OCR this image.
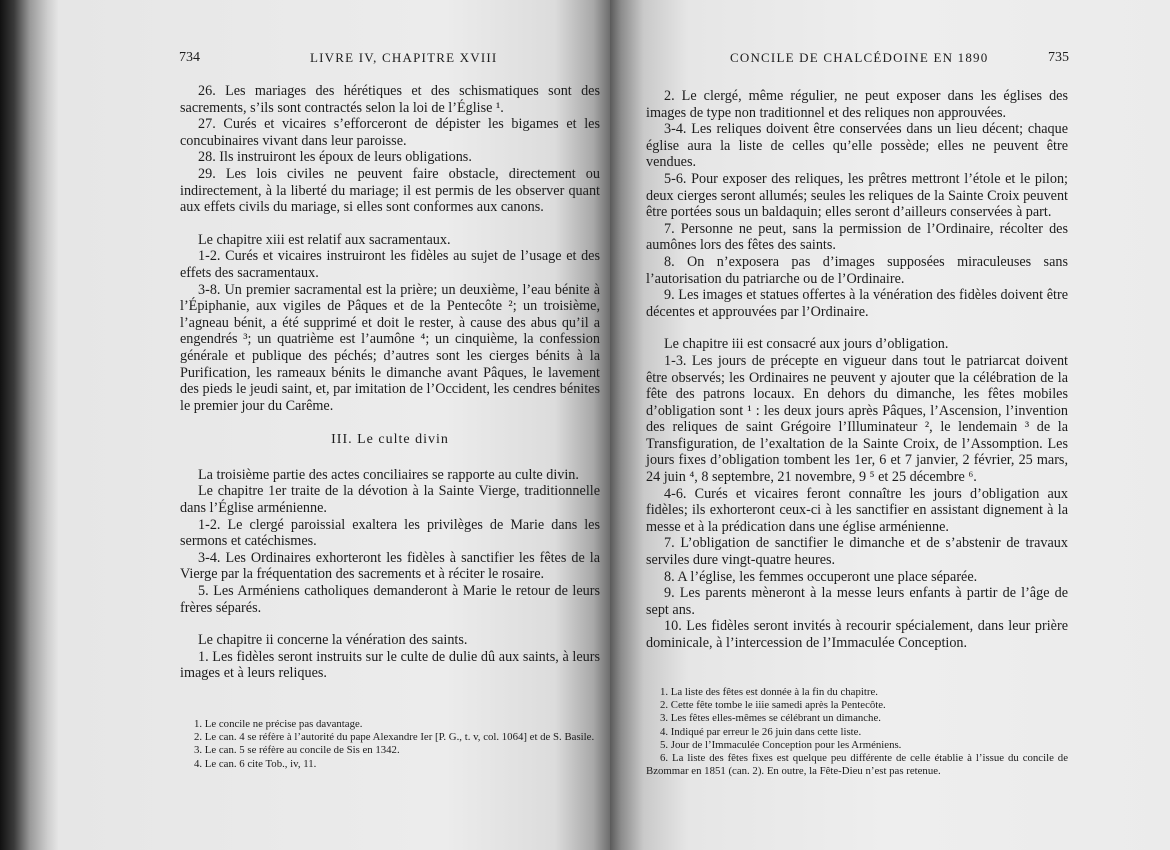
734	LIVRE IV, CHAPITRE XVIII

26. Les mariages des hérétiques et des schismatiques sont des sacrements, s’ils sont contractés selon la loi de l’Église ¹.

27. Curés et vicaires s’efforceront de dépister les bigames et les concubinaires vivant dans leur paroisse.

28. Ils instruiront les époux de leurs obligations.

29. Les lois civiles ne peuvent faire obstacle, directement ou indirectement, à la liberté du mariage; il est permis de les observer quant aux effets civils du mariage, si elles sont conformes aux canons.

Le chapitre xiii est relatif aux sacramentaux.

1-2. Curés et vicaires instruiront les fidèles au sujet de l’usage et des effets des sacramentaux.

3-8. Un premier sacramental est la prière; un deuxième, l’eau bénite à l’Épiphanie, aux vigiles de Pâques et de la Pentecôte ²; un troisième, l’agneau bénit, a été supprimé et doit le rester, à cause des abus qu’il a engendrés ³; un quatrième est l’aumône ⁴; un cinquième, la confession générale et publique des péchés; d’autres sont les cierges bénits à la Purification, les rameaux bénits le dimanche avant Pâques, le lavement des pieds le jeudi saint, et, par imitation de l’Occident, les cendres bénites le premier jour du Carême.

III. Le culte divin

La troisième partie des actes conciliaires se rapporte au culte divin.

Le chapitre 1er traite de la dévotion à la Sainte Vierge, traditionnelle dans l’Église arménienne.

1-2. Le clergé paroissial exaltera les privilèges de Marie dans les sermons et catéchismes.

3-4. Les Ordinaires exhorteront les fidèles à sanctifier les fêtes de la Vierge par la fréquentation des sacrements et à réciter le rosaire.

5. Les Arméniens catholiques demanderont à Marie le retour de leurs frères séparés.

Le chapitre ii concerne la vénération des saints.

1. Les fidèles seront instruits sur le culte de dulie dû aux saints, à leurs images et à leurs reliques.

1. Le concile ne précise pas davantage.

2. Le can. 4 se réfère à l’autorité du pape Alexandre Ier [P. G., t. v, col. 1064] et de S. Basile.

3. Le can. 5 se réfère au concile de Sis en 1342.

4. Le can. 6 cite Tob., iv, 11.

CONCILE DE CHALCÉDOINE EN 1890	735

2. Le clergé, même régulier, ne peut exposer dans les églises des images de type non traditionnel et des reliques non approuvées.

3-4. Les reliques doivent être conservées dans un lieu décent; chaque église aura la liste de celles qu’elle possède; elles ne peuvent être vendues.

5-6. Pour exposer des reliques, les prêtres mettront l’étole et le pilon; deux cierges seront allumés; seules les reliques de la Sainte Croix peuvent être portées sous un baldaquin; elles seront d’ailleurs conservées à part.

7. Personne ne peut, sans la permission de l’Ordinaire, récolter des aumônes lors des fêtes des saints.

8. On n’exposera pas d’images supposées miraculeuses sans l’autorisation du patriarche ou de l’Ordinaire.

9. Les images et statues offertes à la vénération des fidèles doivent être décentes et approuvées par l’Ordinaire.

Le chapitre iii est consacré aux jours d’obligation.

1-3. Les jours de précepte en vigueur dans tout le patriarcat doivent être observés; les Ordinaires ne peuvent y ajouter que la célébration de la fête des patrons locaux. En dehors du dimanche, les fêtes mobiles d’obligation sont ¹ : les deux jours après Pâques, l’Ascension, l’invention des reliques de saint Grégoire l’Illuminateur ², le lendemain ³ de la Transfiguration, de l’exaltation de la Sainte Croix, de l’Assomption. Les jours fixes d’obligation tombent les 1er, 6 et 7 janvier, 2 février, 25 mars, 24 juin ⁴, 8 septembre, 21 novembre, 9 ⁵ et 25 décembre ⁶.

4-6. Curés et vicaires feront connaître les jours d’obligation aux fidèles; ils exhorteront ceux-ci à les sanctifier en assistant dignement à la messe et à la prédication dans une église arménienne.

7. L’obligation de sanctifier le dimanche et de s’abstenir de travaux serviles dure vingt-quatre heures.

8. A l’église, les femmes occuperont une place séparée.

9. Les parents mèneront à la messe leurs enfants à partir de l’âge de sept ans.

10. Les fidèles seront invités à recourir spécialement, dans leur prière dominicale, à l’intercession de l’Immaculée Conception.

1. La liste des fêtes est donnée à la fin du chapitre.

2. Cette fête tombe le iiie samedi après la Pentecôte.

3. Les fêtes elles-mêmes se célébrant un dimanche.

4. Indiqué par erreur le 26 juin dans cette liste.

5. Jour de l’Immaculée Conception pour les Arméniens.

6. La liste des fêtes fixes est quelque peu différente de celle établie à l’issue du concile de Bzommar en 1851 (can. 2). En outre, la Fête-Dieu n’est pas retenue.
